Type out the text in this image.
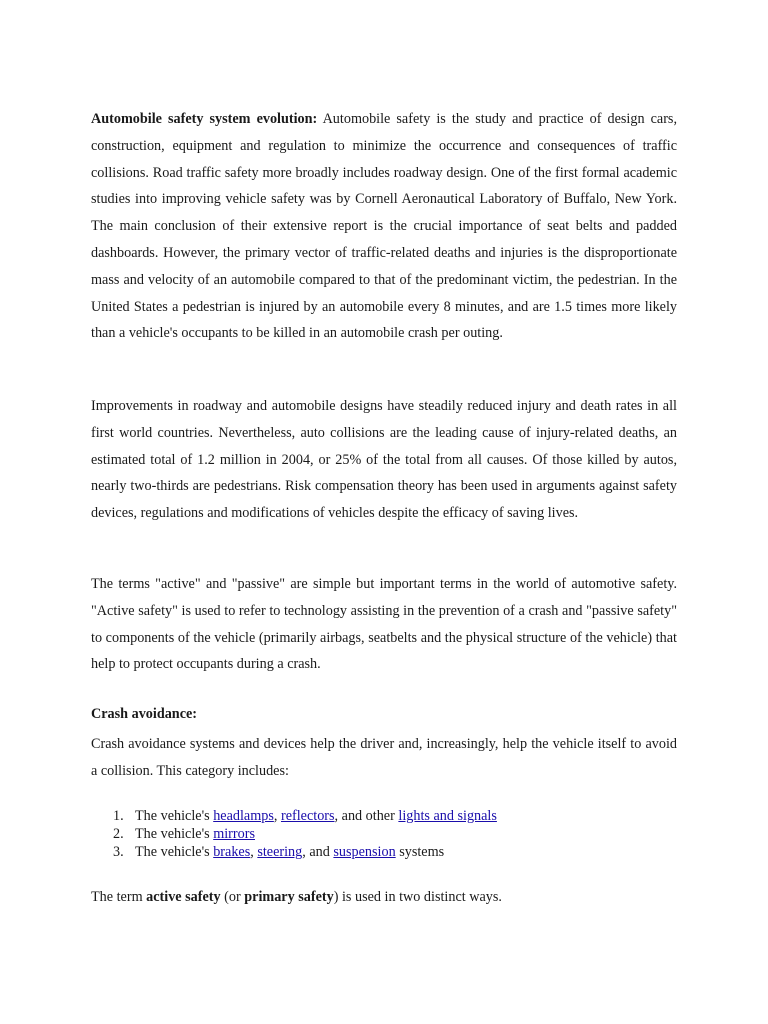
Automobile safety system evolution: Automobile safety is the study and practice of design cars, construction, equipment and regulation to minimize the occurrence and consequences of traffic collisions. Road traffic safety more broadly includes roadway design. One of the first formal academic studies into improving vehicle safety was by Cornell Aeronautical Laboratory of Buffalo, New York. The main conclusion of their extensive report is the crucial importance of seat belts and padded dashboards. However, the primary vector of traffic-related deaths and injuries is the disproportionate mass and velocity of an automobile compared to that of the predominant victim, the pedestrian. In the United States a pedestrian is injured by an automobile every 8 minutes, and are 1.5 times more likely than a vehicle's occupants to be killed in an automobile crash per outing.

Improvements in roadway and automobile designs have steadily reduced injury and death rates in all first world countries. Nevertheless, auto collisions are the leading cause of injury-related deaths, an estimated total of 1.2 million in 2004, or 25% of the total from all causes. Of those killed by autos, nearly two-thirds are pedestrians. Risk compensation theory has been used in arguments against safety devices, regulations and modifications of vehicles despite the efficacy of saving lives.

The terms "active" and "passive" are simple but important terms in the world of automotive safety. "Active safety" is used to refer to technology assisting in the prevention of a crash and "passive safety" to components of the vehicle (primarily airbags, seatbelts and the physical structure of the vehicle) that help to protect occupants during a crash.

Crash avoidance:

Crash avoidance systems and devices help the driver and, increasingly, help the vehicle itself to avoid a collision. This category includes:

The vehicle's headlamps, reflectors, and other lights and signals
The vehicle's mirrors
The vehicle's brakes, steering, and suspension systems

The term active safety (or primary safety) is used in two distinct ways.
